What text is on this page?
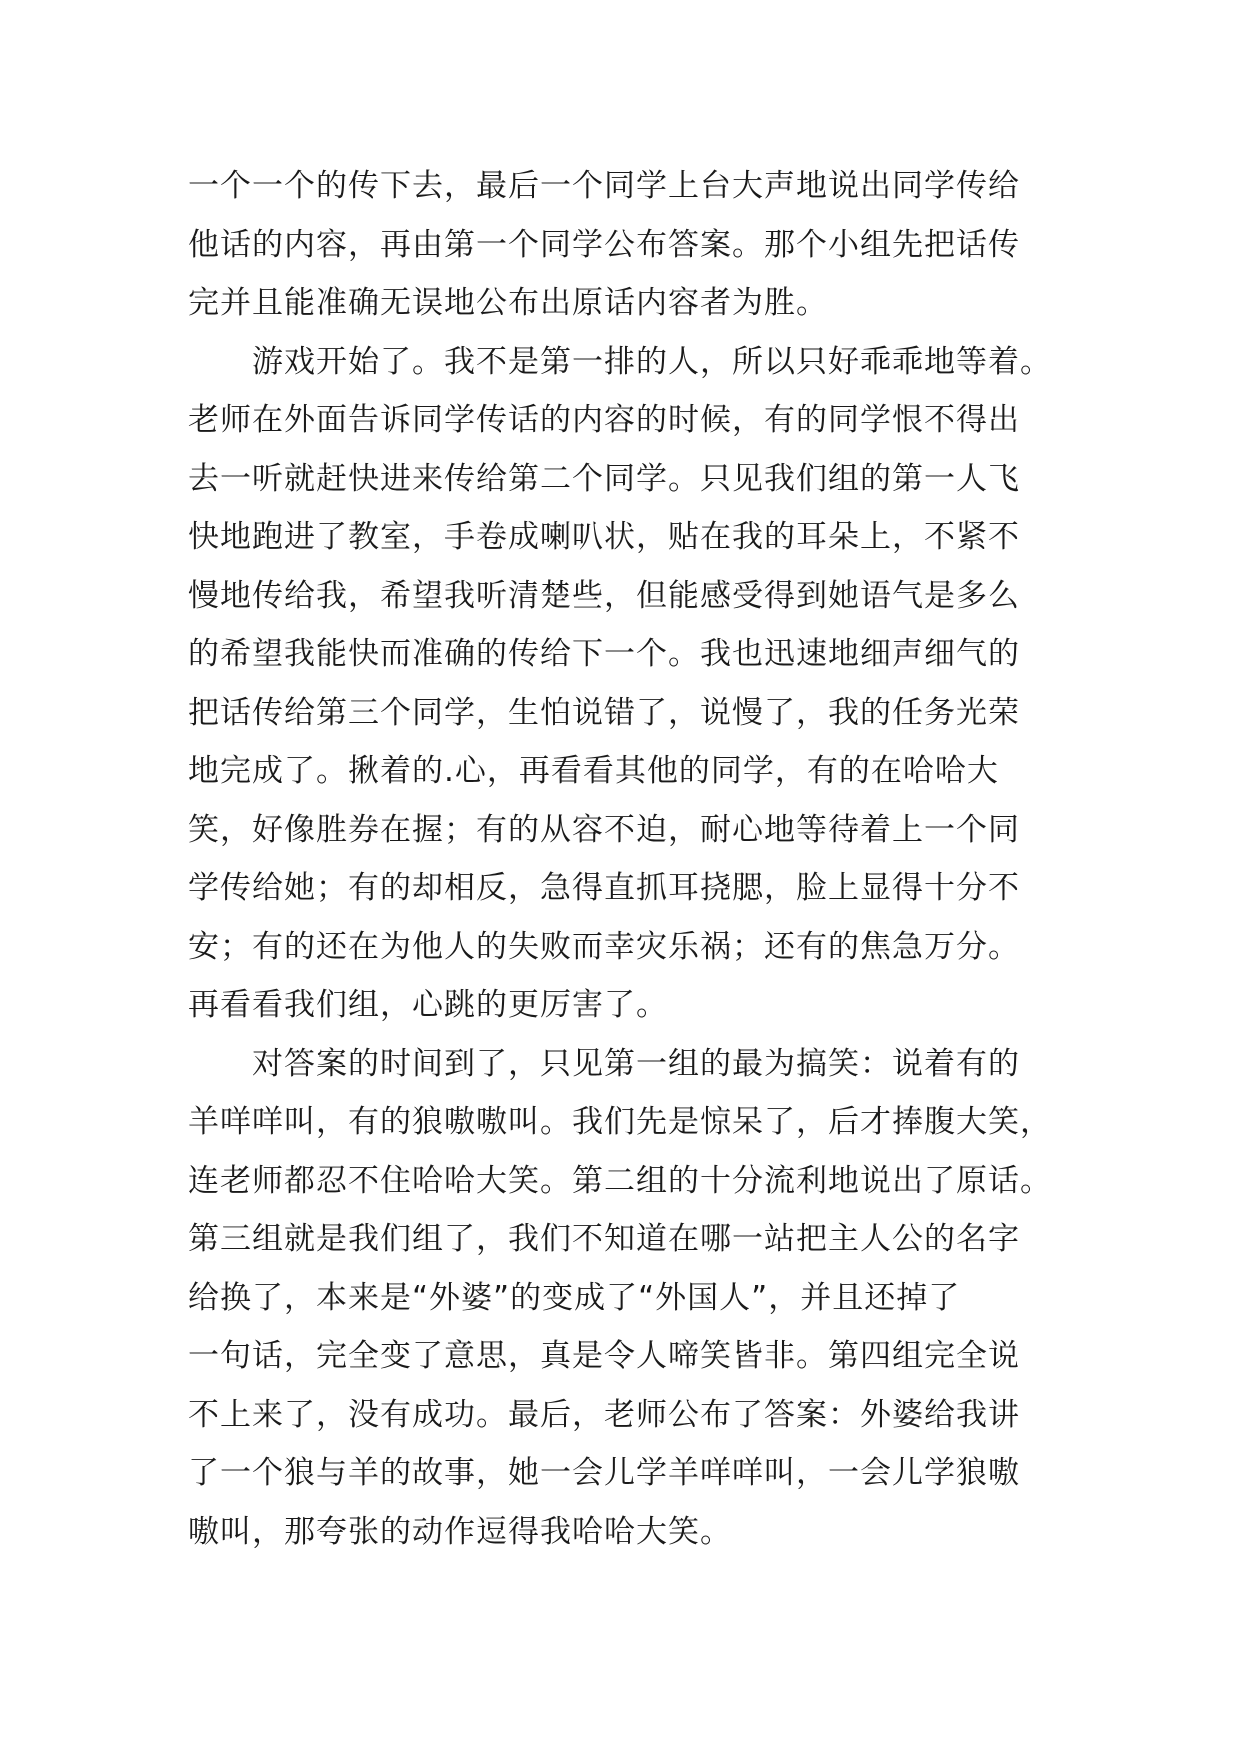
一个一个的传下去，最后一个同学上台大声地说出同学传给
他话的内容，再由第一个同学公布答案。那个小组先把话传
完并且能准确无误地公布出原话内容者为胜。
游戏开始了。我不是第一排的人，所以只好乖乖地等着。
老师在外面告诉同学传话的内容的时候，有的同学恨不得出
去一听就赶快进来传给第二个同学。只见我们组的第一人飞
快地跑进了教室，手卷成喇叭状，贴在我的耳朵上，不紧不
慢地传给我，希望我听清楚些，但能感受得到她语气是多么
的希望我能快而准确的传给下一个。我也迅速地细声细气的
把话传给第三个同学，生怕说错了，说慢了，我的任务光荣
地完成了。揪着的.心，再看看其他的同学，有的在哈哈大
笑，好像胜券在握；有的从容不迫，耐心地等待着上一个同
学传给她；有的却相反，急得直抓耳挠腮，脸上显得十分不
安；有的还在为他人的失败而幸灾乐祸；还有的焦急万分。
再看看我们组，心跳的更厉害了。
对答案的时间到了，只见第一组的最为搞笑：说着有的
羊咩咩叫，有的狼嗷嗷叫。我们先是惊呆了，后才捧腹大笑，
连老师都忍不住哈哈大笑。第二组的十分流利地说出了原话。
第三组就是我们组了，我们不知道在哪一站把主人公的名字
给换了，本来是“外婆”的变成了“外国人”，并且还掉了
一句话，完全变了意思，真是令人啼笑皆非。第四组完全说
不上来了，没有成功。最后，老师公布了答案：外婆给我讲
了一个狼与羊的故事，她一会儿学羊咩咩叫，一会儿学狼嗷
嗷叫，那夸张的动作逗得我哈哈大笑。
